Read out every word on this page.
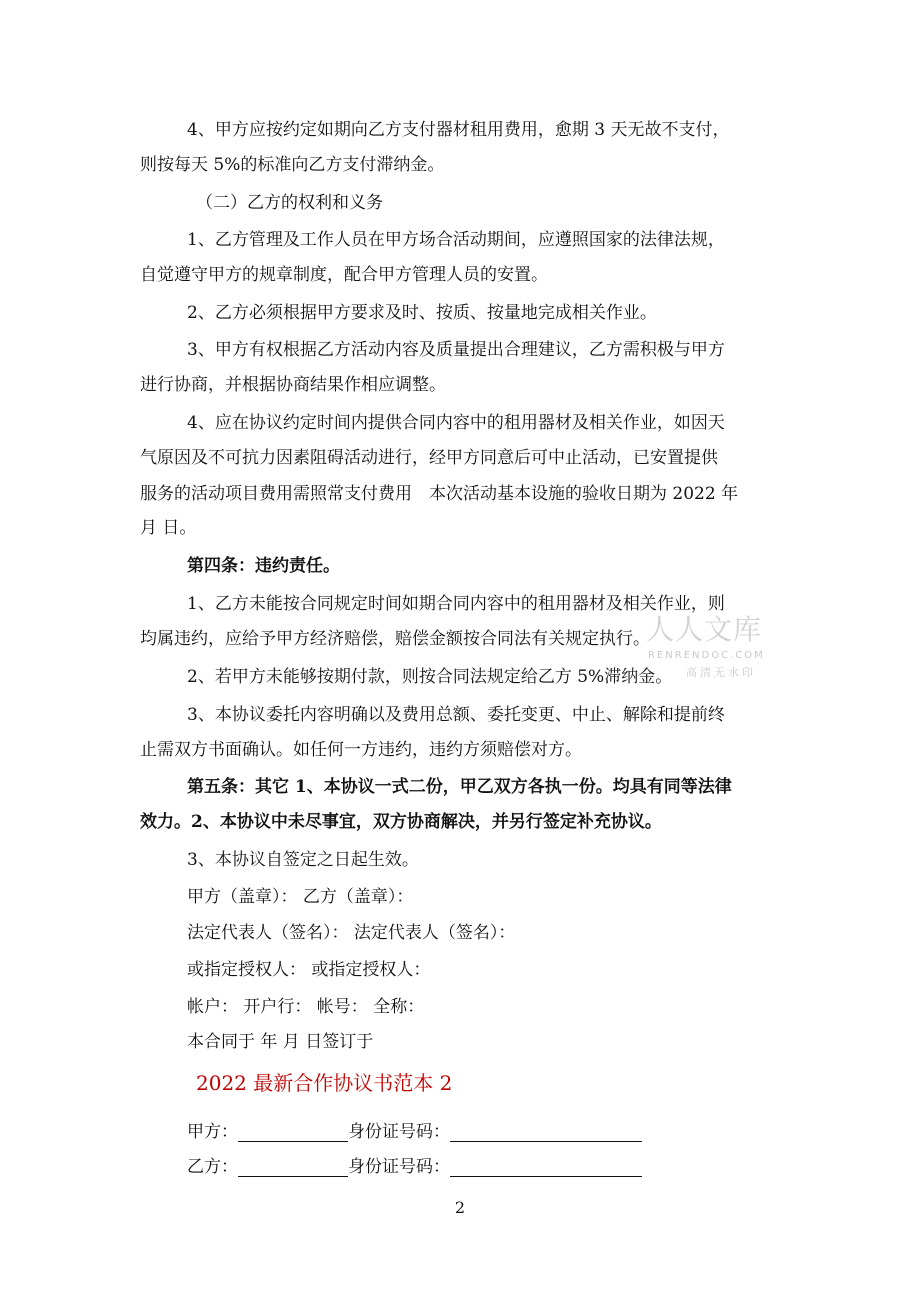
4、甲方应按约定如期向乙方支付器材租用费用，愈期 3 天无故不支付，
则按每天 5%的标准向乙方支付滞纳金。
（二）乙方的权利和义务
1、乙方管理及工作人员在甲方场合活动期间，应遵照国家的法律法规，
自觉遵守甲方的规章制度，配合甲方管理人员的安置。
2、乙方必须根据甲方要求及时、按质、按量地完成相关作业。
3、甲方有权根据乙方活动内容及质量提出合理建议，乙方需积极与甲方
进行协商，并根据协商结果作相应调整。
4、应在协议约定时间内提供合同内容中的租用器材及相关作业，如因天
气原因及不可抗力因素阻碍活动进行，经甲方同意后可中止活动，已安置提供
服务的活动项目费用需照常支付费用　本次活动基本设施的验收日期为 2022 年
月 日。
第四条：违约责任。
1、乙方未能按合同规定时间如期合同内容中的租用器材及相关作业，则
均属违约，应给予甲方经济赔偿，赔偿金额按合同法有关规定执行。
2、若甲方未能够按期付款，则按合同法规定给乙方 5%滞纳金。
3、本协议委托内容明确以及费用总额、委托变更、中止、解除和提前终
止需双方书面确认。如任何一方违约，违约方须赔偿对方。
第五条：其它 1、本协议一式二份，甲乙双方各执一份。均具有同等法律
效力。2、本协议中未尽事宜，双方协商解决，并另行签定补充协议。
3、本协议自签定之日起生效。
甲方（盖章）： 乙方（盖章）：
法定代表人（签名）： 法定代表人（签名）：
或指定授权人： 或指定授权人：
帐户： 开户行： 帐号： 全称：
本合同于 年 月 日签订于
2022 最新合作协议书范本 2
甲方：	身份证号码：
乙方：	身份证号码：
2
人人文库
RENRENDOC.COM
高清无水印
